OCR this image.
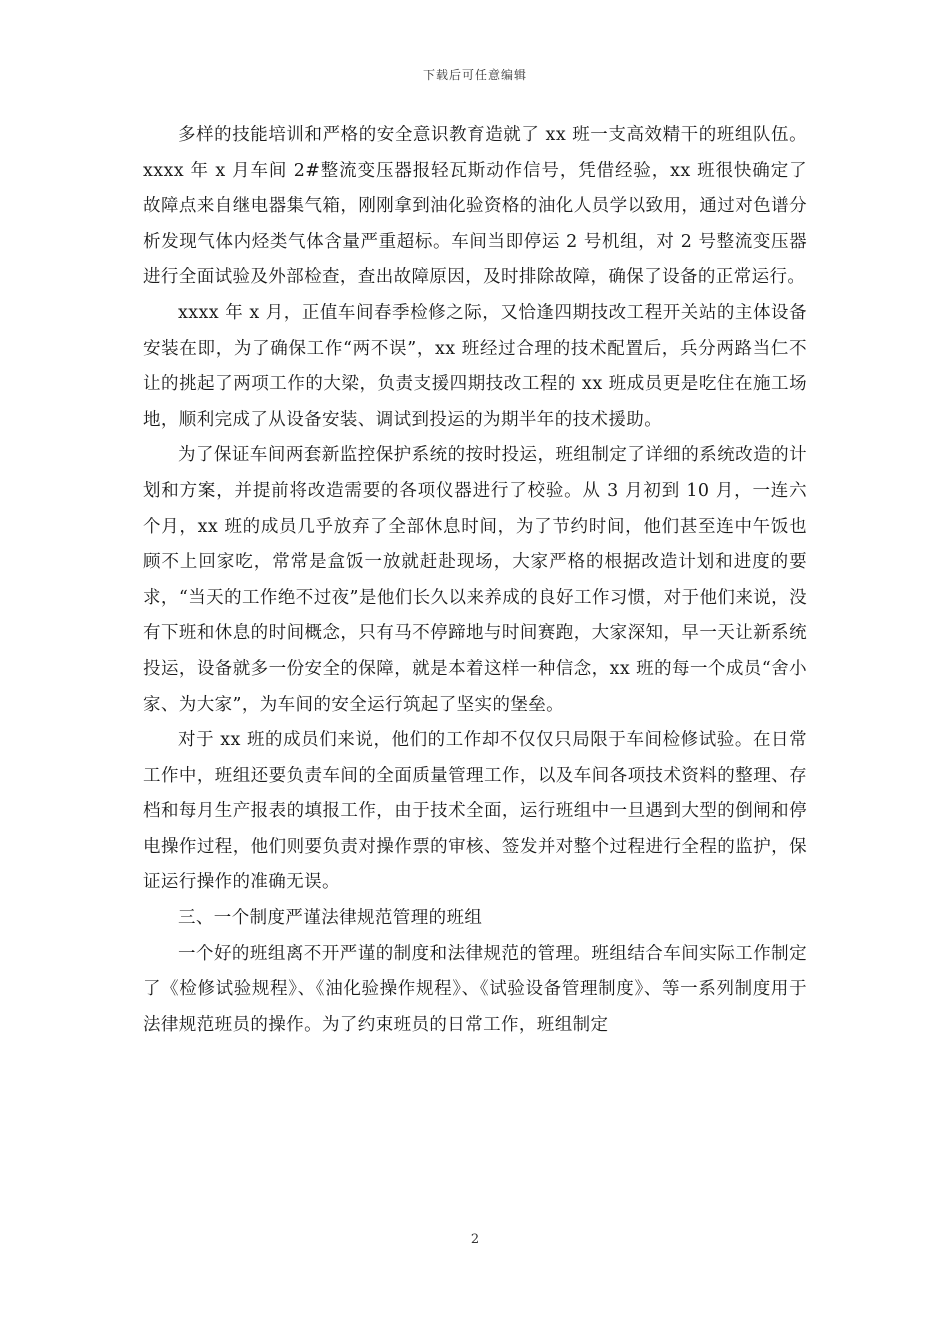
下载后可任意编辑

多样的技能培训和严格的安全意识教育造就了 xx 班一支高效精干的班组队伍。xxxx 年 x 月车间 2#整流变压器报轻瓦斯动作信号，凭借经验，xx 班很快确定了故障点来自继电器集气箱，刚刚拿到油化验资格的油化人员学以致用，通过对色谱分析发现气体内烃类气体含量严重超标。车间当即停运 2 号机组，对 2 号整流变压器进行全面试验及外部检查，查出故障原因，及时排除故障，确保了设备的正常运行。

xxxx 年 x 月，正值车间春季检修之际，又恰逢四期技改工程开关站的主体设备安装在即，为了确保工作“两不误”，xx 班经过合理的技术配置后，兵分两路当仁不让的挑起了两项工作的大梁，负责支援四期技改工程的 xx 班成员更是吃住在施工场地，顺利完成了从设备安装、调试到投运的为期半年的技术援助。

为了保证车间两套新监控保护系统的按时投运，班组制定了详细的系统改造的计划和方案，并提前将改造需要的各项仪器进行了校验。从 3 月初到 10 月，一连六个月，xx 班的成员几乎放弃了全部休息时间，为了节约时间，他们甚至连中午饭也顾不上回家吃，常常是盒饭一放就赶赴现场，大家严格的根据改造计划和进度的要求，“当天的工作绝不过夜”是他们长久以来养成的良好工作习惯，对于他们来说，没有下班和休息的时间概念，只有马不停蹄地与时间赛跑，大家深知，早一天让新系统投运，设备就多一份安全的保障，就是本着这样一种信念，xx 班的每一个成员“舍小家、为大家”，为车间的安全运行筑起了坚实的堡垒。

对于 xx 班的成员们来说，他们的工作却不仅仅只局限于车间检修试验。在日常工作中，班组还要负责车间的全面质量管理工作，以及车间各项技术资料的整理、存档和每月生产报表的填报工作，由于技术全面，运行班组中一旦遇到大型的倒闸和停电操作过程，他们则要负责对操作票的审核、签发并对整个过程进行全程的监护，保证运行操作的准确无误。

三、一个制度严谨法律规范管理的班组

一个好的班组离不开严谨的制度和法律规范的管理。班组结合车间实际工作制定了《检修试验规程》、《油化验操作规程》、《试验设备管理制度》、等一系列制度用于法律规范班员的操作。为了约束班员的日常工作，班组制定

2
